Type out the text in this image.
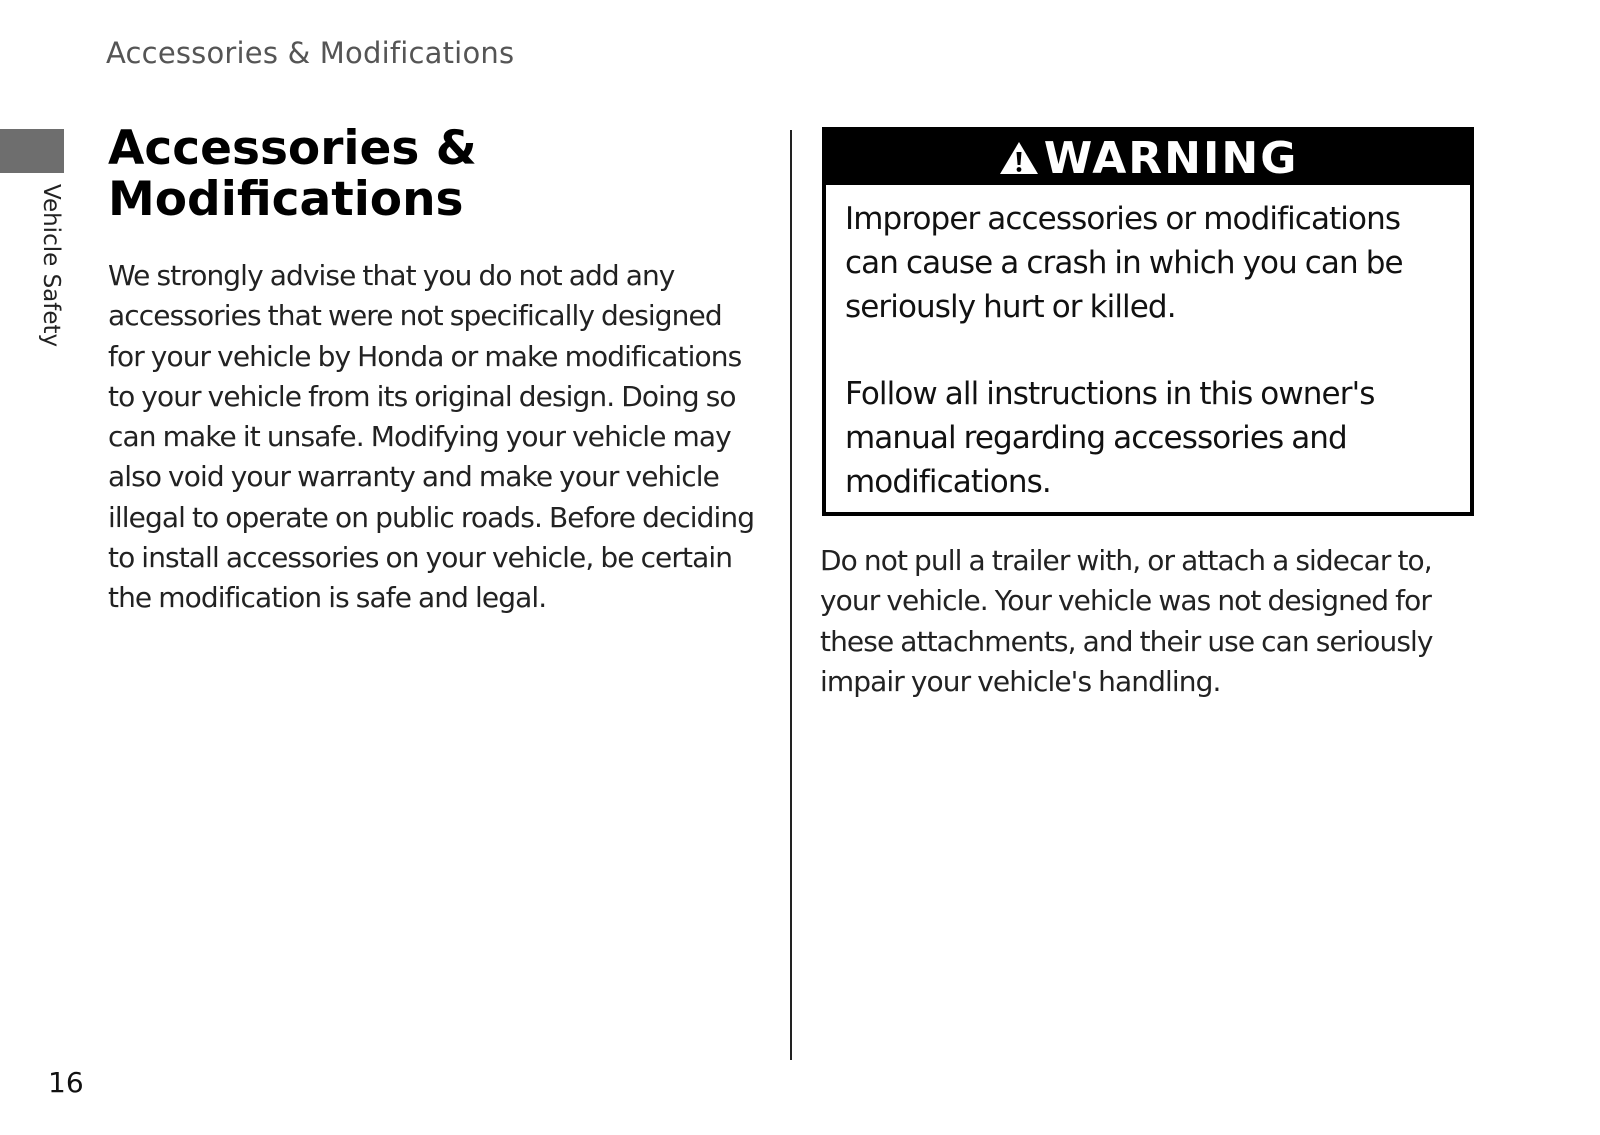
Accessories & Modifications
Vehicle Safety
Accessories &
Modifications

We strongly advise that you do not add any accessories that were not specifically designed for your vehicle by Honda or make modifications to your vehicle from its original design. Doing so can make it unsafe. Modifying your vehicle may also void your warranty and make your vehicle illegal to operate on public roads. Before deciding to install accessories on your vehicle, be certain the modification is safe and legal.

WARNING

Improper accessories or modifications can cause a crash in which you can be seriously hurt or killed.

Follow all instructions in this owner's manual regarding accessories and modifications.

Do not pull a trailer with, or attach a sidecar to, your vehicle. Your vehicle was not designed for these attachments, and their use can seriously impair your vehicle's handling.

16
